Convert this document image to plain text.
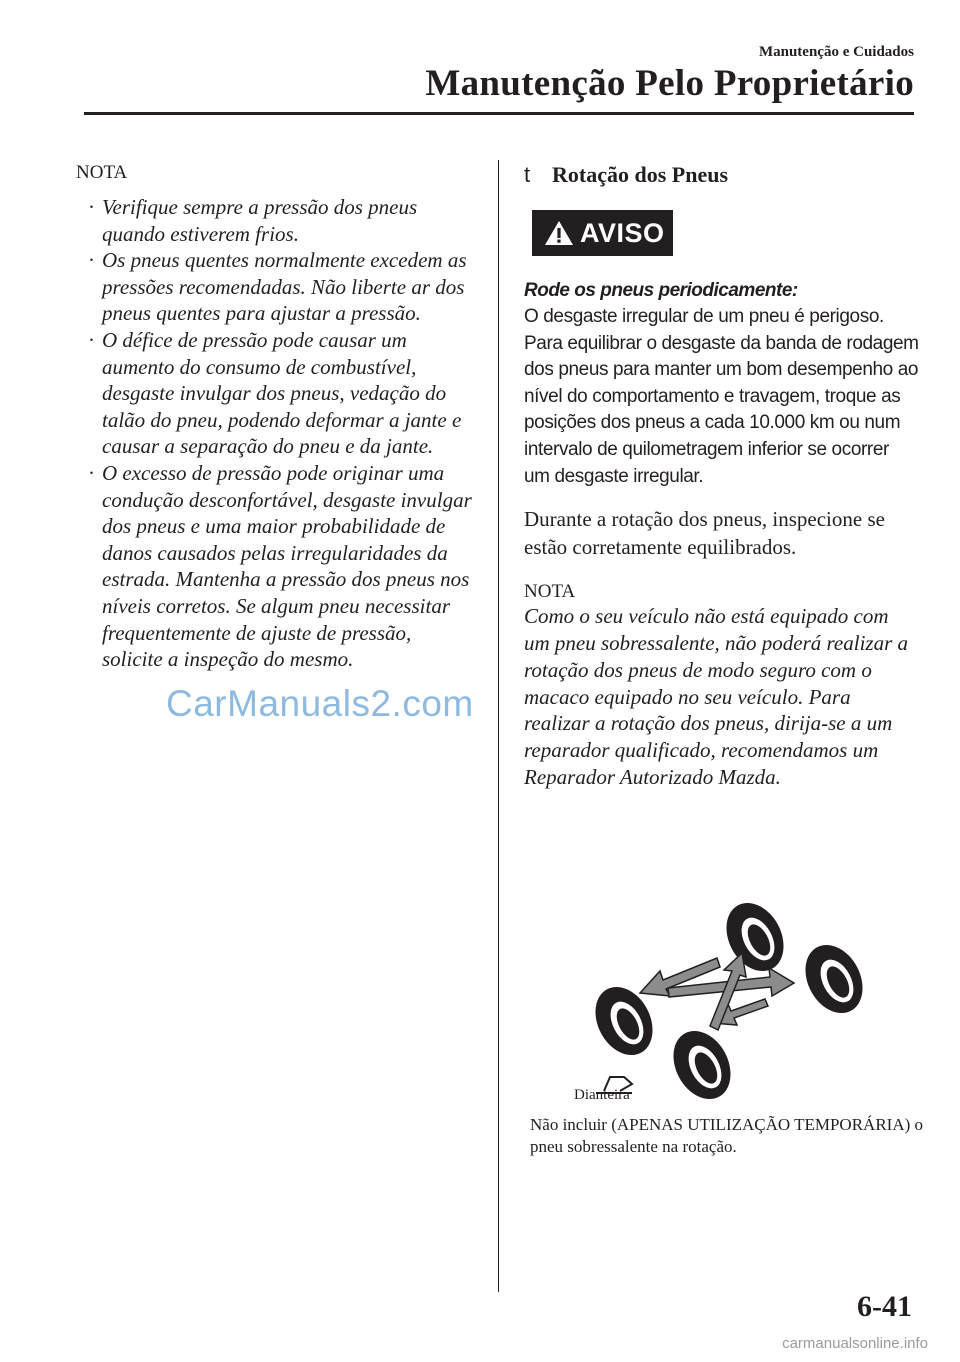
Manutenção e Cuidados
Manutenção Pelo Proprietário
NOTA
· Verifique sempre a pressão dos pneus quando estiverem frios.
· Os pneus quentes normalmente excedem as pressões recomendadas. Não liberte ar dos pneus quentes para ajustar a pressão.
· O défice de pressão pode causar um aumento do consumo de combustível, desgaste invulgar dos pneus, vedação do talão do pneu, podendo deformar a jante e causar a separação do pneu e da jante.
· O excesso de pressão pode originar uma condução desconfortável, desgaste invulgar dos pneus e uma maior probabilidade de danos causados pelas irregularidades da estrada. Mantenha a pressão dos pneus nos níveis corretos. Se algum pneu necessitar frequentemente de ajuste de pressão, solicite a inspeção do mesmo.
CarManuals2.com
t Rotação dos Pneus
AVISO
Rode os pneus periodicamente:

O desgaste irregular de um pneu é perigoso. Para equilibrar o desgaste da banda de rodagem dos pneus para manter um bom desempenho ao nível do comportamento e travagem, troque as posições dos pneus a cada 10.000 km ou num intervalo de quilometragem inferior se ocorrer um desgaste irregular.

Durante a rotação dos pneus, inspecione se estão corretamente equilibrados.

NOTA

Como o seu veículo não está equipado com um pneu sobressalente, não poderá realizar a rotação dos pneus de modo seguro com o macaco equipado no seu veículo. Para realizar a rotação dos pneus, dirija-se a um reparador qualificado, recomendamos um Reparador Autorizado Mazda.

Dianteira
Não incluir (APENAS UTILIZAÇÃO TEMPORÁRIA) o pneu sobressalente na rotação.
6-41
carmanualsonline.info
